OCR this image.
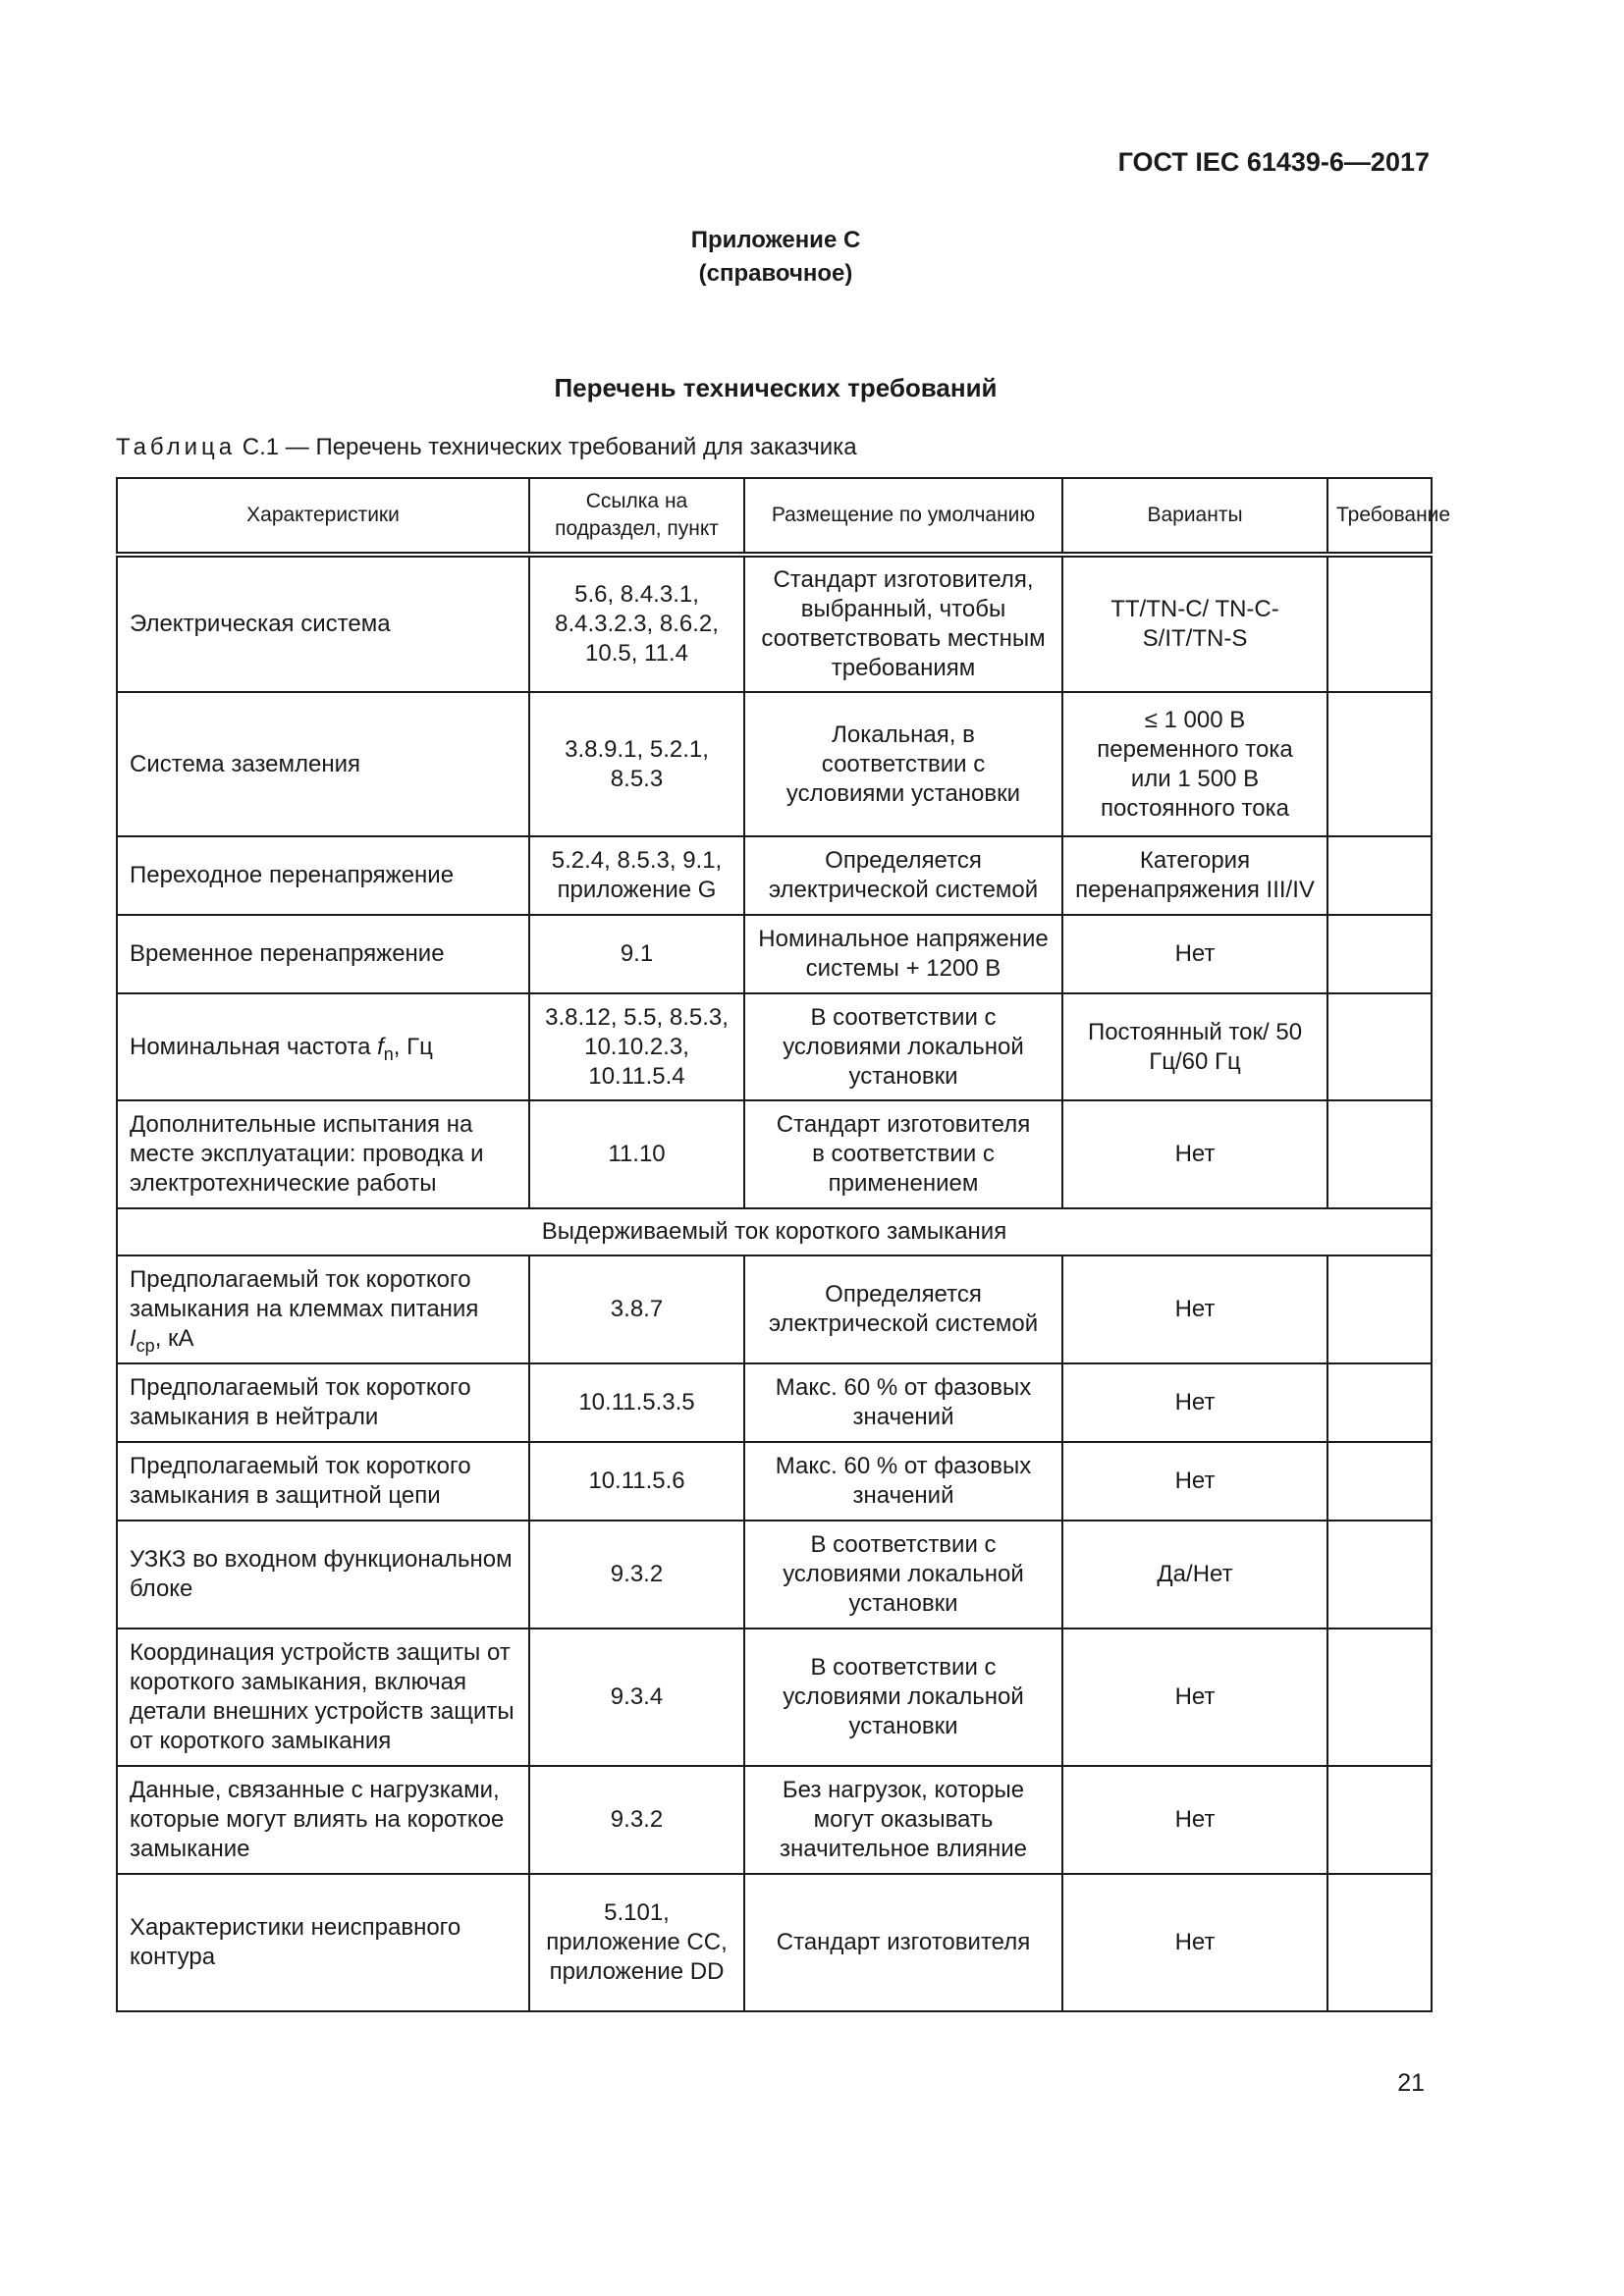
ГОСТ IEC 61439-6—2017
Приложение С
(справочное)
Перечень технических требований
Таблица С.1 — Перечень технических требований для заказчика
Характеристики	Ссылка на подраздел, пункт	Размещение по умолчанию	Варианты	Требование
Электрическая система	5.6, 8.4.3.1, 8.4.3.2.3, 8.6.2, 10.5, 11.4	Стандарт изготовителя, выбранный, чтобы соответствовать местным требованиям	ТТ/TN-C/ TN-C-S/IT/TN-S	
Система заземления	3.8.9.1, 5.2.1, 8.5.3	Локальная, в соответствии с условиями установки	≤ 1 000 В переменного тока или 1 500 В постоянного тока	
Переходное перенапряжение	5.2.4, 8.5.3, 9.1, приложение G	Определяется электрической системой	Категория перенапряжения III/IV	
Временное перенапряжение	9.1	Номинальное напряжение системы + 1200 В	Нет	
Номинальная частота $f_n$, Гц	3.8.12, 5.5, 8.5.3, 10.10.2.3, 10.11.5.4	В соответствии с условиями локальной установки	Постоянный ток/ 50 Гц/60 Гц	
Дополнительные испытания на месте эксплуатации: проводка и электротехнические работы	11.10	Стандарт изготовителя в соответствии с применением	Нет	
Выдерживаемый ток короткого замыкания				
Предполагаемый ток короткого замыкания на клеммах питания $I_{cp}$, кА	3.8.7	Определяется электрической системой	Нет	
Предполагаемый ток короткого замыкания в нейтрали	10.11.5.3.5	Макс. 60 % от фазовых значений	Нет	
Предполагаемый ток короткого замыкания в защитной цепи	10.11.5.6	Макс. 60 % от фазовых значений	Нет	
УЗКЗ во входном функциональном блоке	9.3.2	В соответствии с условиями локальной установки	Да/Нет	
Координация устройств защиты от короткого замыкания, включая детали внешних устройств защиты от короткого замыкания	9.3.4	В соответствии с условиями локальной установки	Нет	
Данные, связанные с нагрузками, которые могут влиять на короткое замыкание	9.3.2	Без нагрузок, которые могут оказывать значительное влияние	Нет	
Характеристики неисправного контура	5.101, приложение СС, приложение DD	Стандарт изготовителя	Нет	
21
